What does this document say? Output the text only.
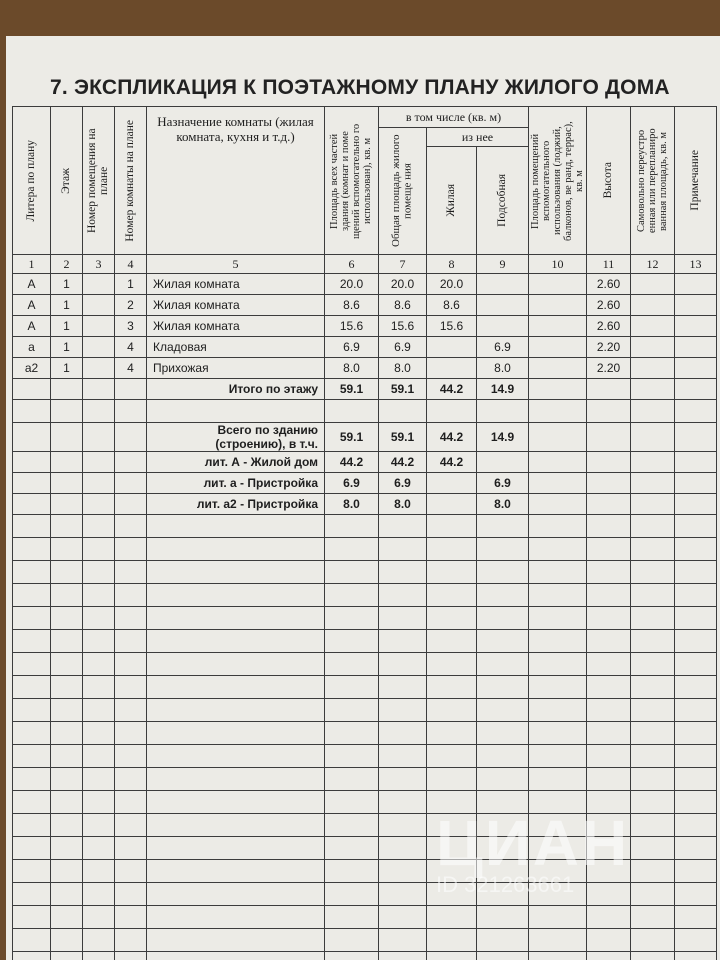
7. ЭКСПЛИКАЦИЯ К ПОЭТАЖНОМУ ПЛАНУ ЖИЛОГО ДОМА
Литера по плану	Этаж	Номер помещения на плане	Номер комнаты на плане	Назначение комнаты (жилая комната, кухня и т.д.)	Площадь всех частей здания (комнат и поме щений вспомогательно го использован), кв. м	в том числе (кв. м)			Площадь помещений вспомогательного использования (лоджий, балконов, ве ранд, террас), кв. м	Высота	Самовольно переустро енная или перепланиро ванная площадь, кв. м	Примечание

						Общая площадь жилого помеще ния	из нее					

							Жилая	Подсобная				

1	2	3	4	5	6	7	8	9	10	11	12	13
А	1		1	Жилая комната	20.0	20.0	20.0			2.60		
А	1		2	Жилая комната	8.6	8.6	8.6			2.60		
А	1		3	Жилая комната	15.6	15.6	15.6			2.60		
а	1		4	Кладовая	6.9	6.9		6.9		2.20		
а2	1		4	Прихожая	8.0	8.0		8.0		2.20		
				Итого по этажу	59.1	59.1	44.2	14.9				

				Всего по зданию (строению), в т.ч.	59.1	59.1	44.2	14.9				
				лит. А - Жилой дом	44.2	44.2	44.2					
				лит. а - Пристройка	6.9	6.9		6.9				
				лит. а2 - Пристройка	8.0	8.0		8.0				

ЦИАН
ID 321263661
